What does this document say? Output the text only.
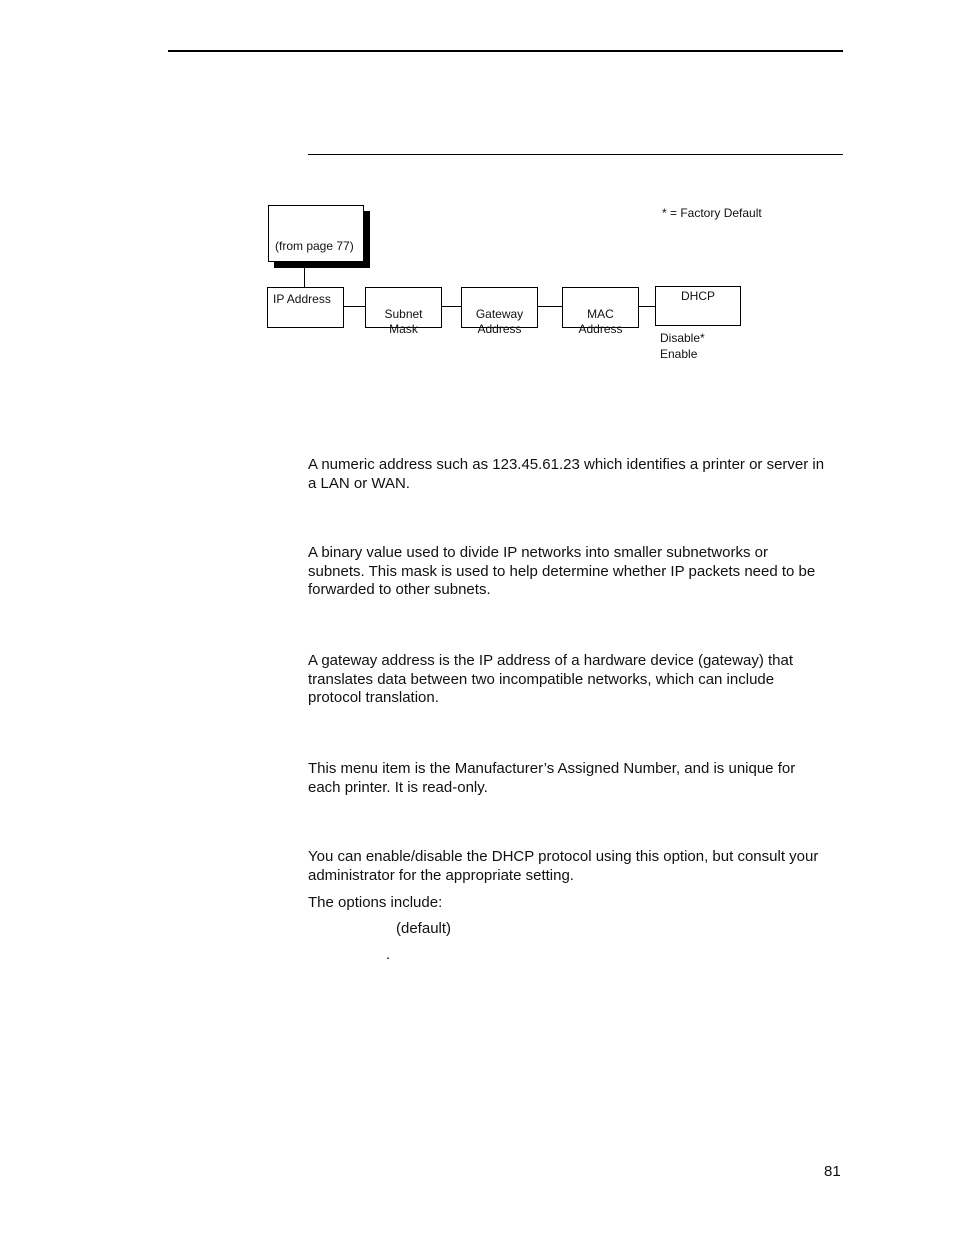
* = Factory Default
(from page 77)
IP Address

Subnet
Mask

Gateway
Address

MAC
Address

DHCP
Disable*
Enable

A numeric address such as 123.45.61.23 which identifies a printer or server in
a LAN or WAN.

A binary value used to divide IP networks into smaller subnetworks or
subnets. This mask is used to help determine whether IP packets need to be
forwarded to other subnets.

A gateway address is the IP address of a hardware device (gateway) that
translates data between two incompatible networks, which can include
protocol translation.

This menu item is the Manufacturer’s Assigned Number, and is unique for
each printer. It is read-only.

You can enable/disable the DHCP protocol using this option, but consult your
administrator for the appropriate setting.

The options include:

(default)
.
81
